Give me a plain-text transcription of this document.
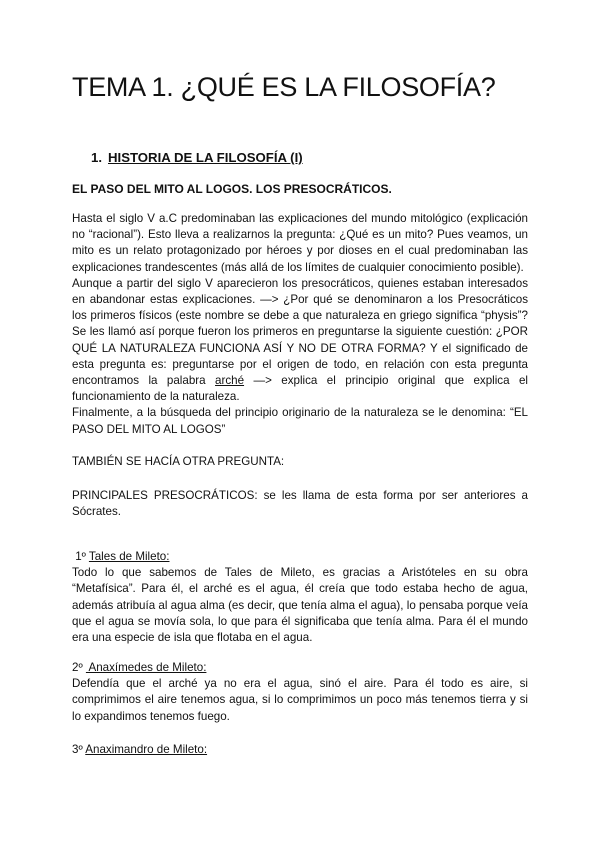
TEMA 1. ¿QUÉ ES LA FILOSOFÍA?
1. HISTORIA DE LA FILOSOFÍA (I)
EL PASO DEL MITO AL LOGOS. LOS PRESOCRÁTICOS.

Hasta el siglo V a.C predominaban las explicaciones del mundo mitológico (explicación no “racional”). Esto lleva a realizarnos la pregunta: ¿Qué es un mito? Pues veamos, un mito es un relato protagonizado por héroes y por dioses en el cual predominaban las explicaciones trandescentes (más allá de los límites de cualquier conocimiento posible).

Aunque a partir del siglo V aparecieron los presocráticos, quienes estaban interesados en abandonar estas explicaciones. —> ¿Por qué se denominaron a los Presocráticos los primeros físicos (este nombre se debe a que naturaleza en griego significa “physis”? Se les llamó así porque fueron los primeros en preguntarse la siguiente cuestión: ¿POR QUÉ LA NATURALEZA FUNCIONA ASÍ Y NO DE OTRA FORMA? Y el significado de esta pregunta es: preguntarse por el origen de todo, en relación con esta pregunta encontramos la palabra arché —> explica el principio original que explica el funcionamiento de la naturaleza.

Finalmente, a la búsqueda del principio originario de la naturaleza se le denomina: “EL PASO DEL MITO AL LOGOS”

TAMBIÉN SE HACÍA OTRA PREGUNTA:

PRINCIPALES PRESOCRÁTICOS: se les llama de esta forma por ser anteriores a Sócrates.

1º Tales de Mileto:

Todo lo que sabemos de Tales de Mileto, es gracias a Aristóteles en su obra “Metafísica”. Para él, el arché es el agua, él creía que todo estaba hecho de agua, además atribuía al agua alma (es decir, que tenía alma el agua), lo pensaba porque veía que el agua se movía sola, lo que para él significaba que tenía alma. Para él el mundo era una especie de isla que flotaba en el agua.

2º  Anaxímedes de Mileto:

Defendía que el arché ya no era el agua, sinó el aire. Para él todo es aire, si comprimimos el aire tenemos agua, si lo comprimimos un poco más tenemos tierra y si lo expandimos tenemos fuego.

3º Anaximandro de Mileto:
